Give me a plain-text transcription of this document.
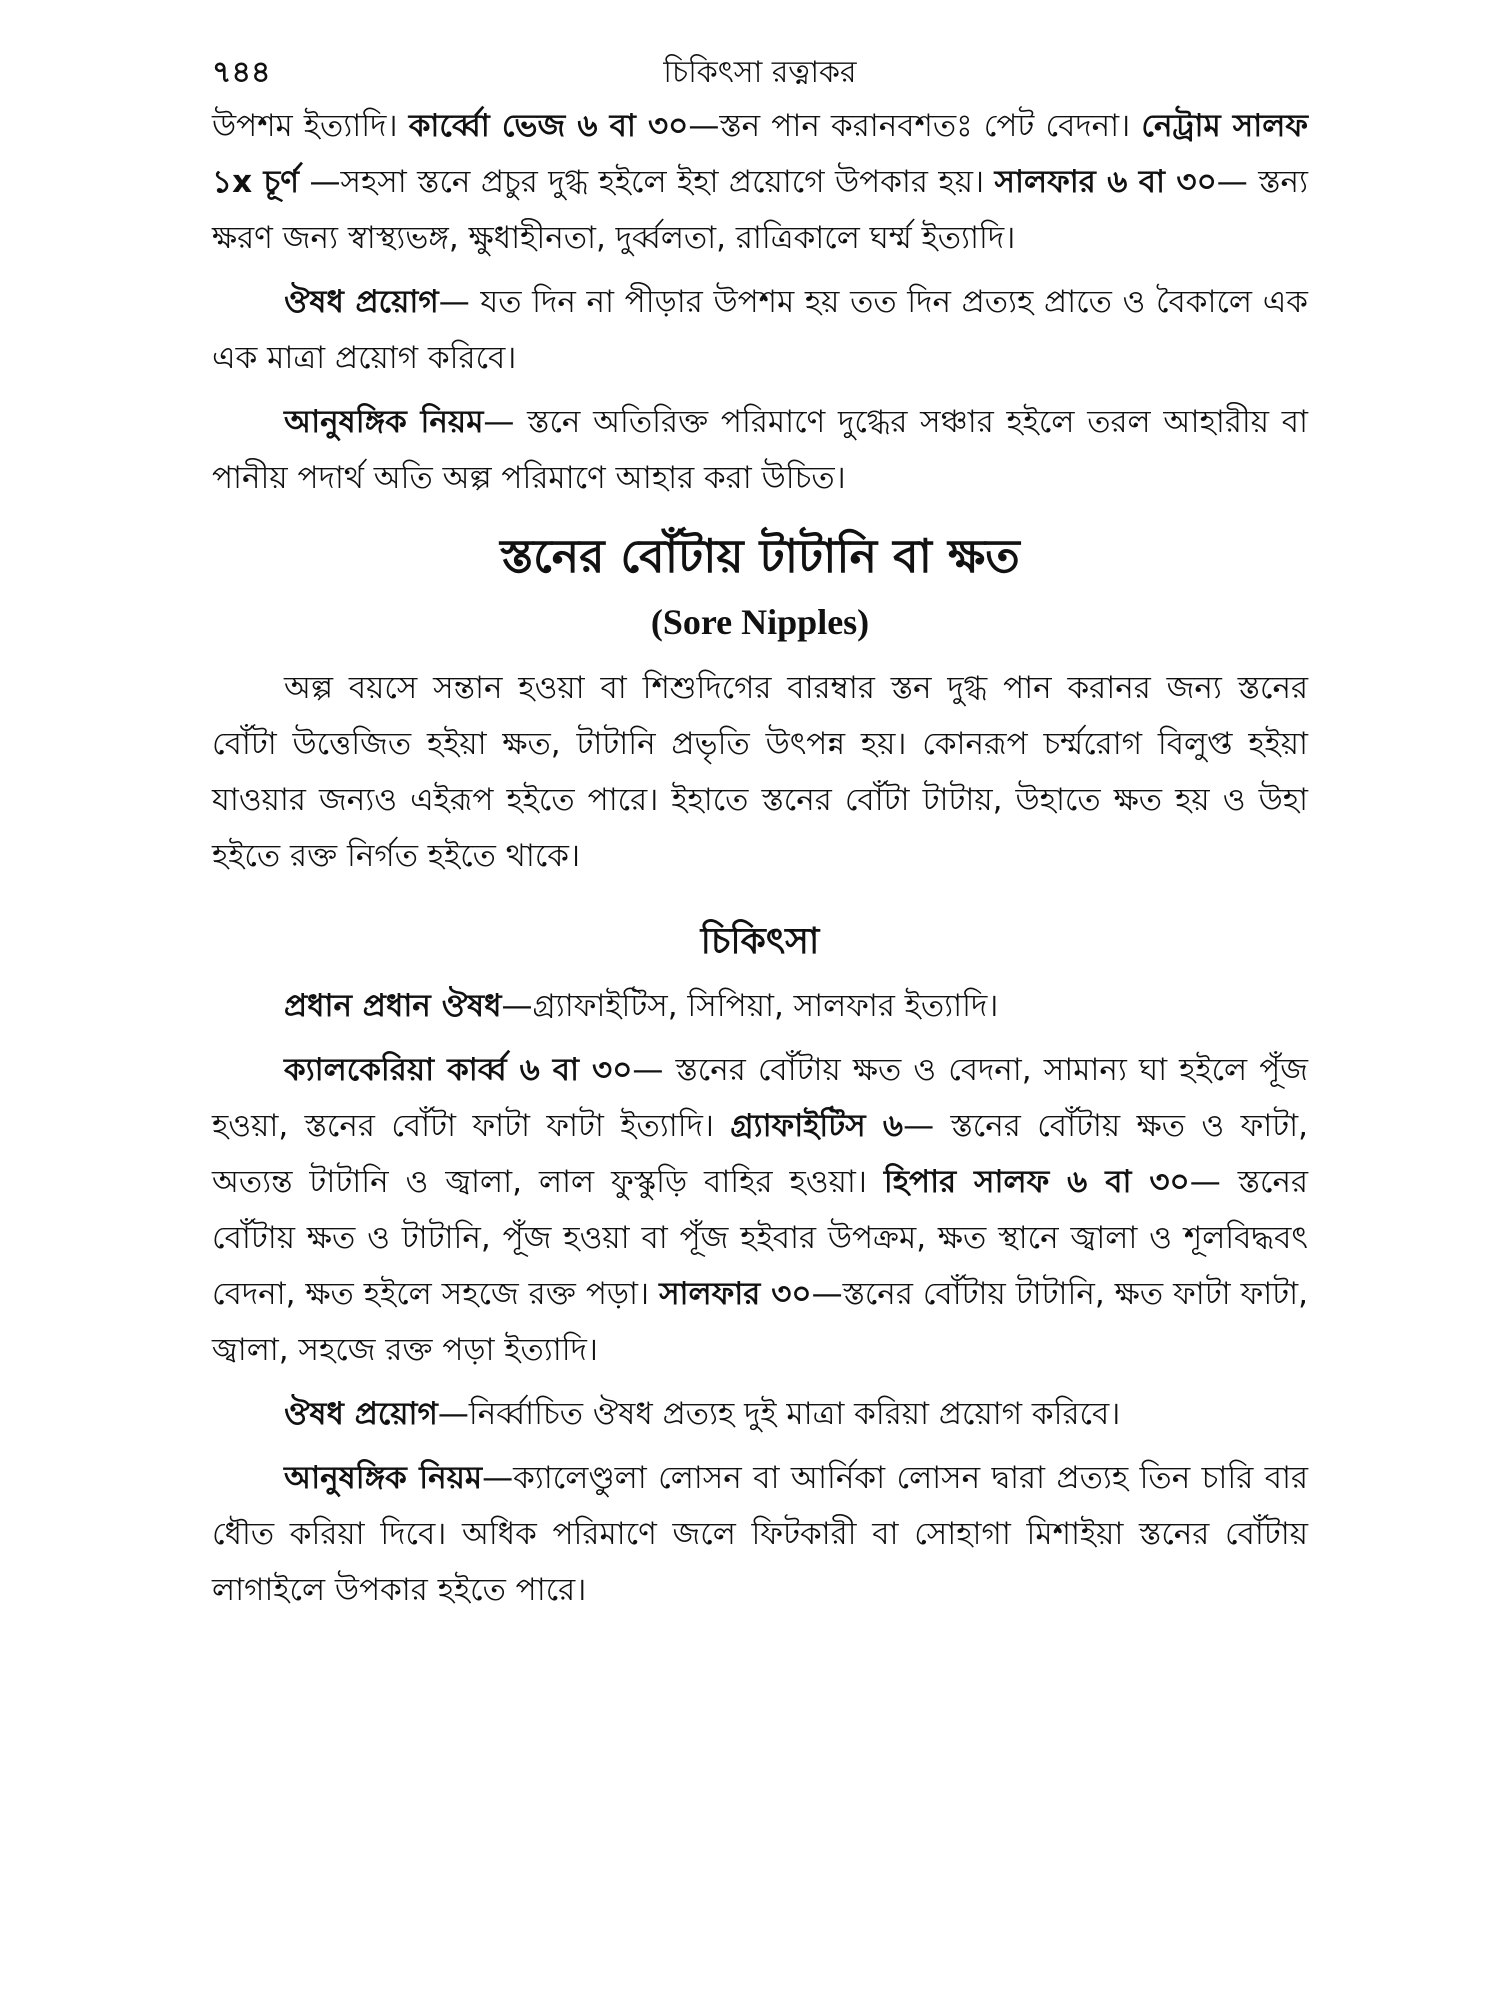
৭৪৪	চিকিৎসা রত্নাকর

উপশম ইত্যাদি। কার্ব্বো ভেজ ৬ বা ৩০—স্তন পান করানবশতঃ পেট বেদনা। নেট্রাম সালফ ১x চূর্ণ —সহসা স্তনে প্রচুর দুগ্ধ হইলে ইহা প্রয়োগে উপকার হয়। সালফার ৬ বা ৩০— স্তন্য ক্ষরণ জন্য স্বাস্থ্যভঙ্গ, ক্ষুধাহীনতা, দুর্ব্বলতা, রাত্রিকালে ঘর্ম্ম ইত্যাদি।

ঔষধ প্রয়োগ— যত দিন না পীড়ার উপশম হয় তত দিন প্রত্যহ প্রাতে ও বৈকালে এক এক মাত্রা প্রয়োগ করিবে।

আনুষঙ্গিক নিয়ম— স্তনে অতিরিক্ত পরিমাণে দুগ্ধের সঞ্চার হইলে তরল আহারীয় বা পানীয় পদার্থ অতি অল্প পরিমাণে আহার করা উচিত।

স্তনের বোঁটায় টাটানি বা ক্ষত
(Sore Nipples)

অল্প বয়সে সন্তান হওয়া বা শিশুদিগের বারম্বার স্তন দুগ্ধ পান করানর জন্য স্তনের বোঁটা উত্তেজিত হইয়া ক্ষত, টাটানি প্রভৃতি উৎপন্ন হয়। কোনরূপ চর্ম্মরোগ বিলুপ্ত হইয়া যাওয়ার জন্যও এইরূপ হইতে পারে। ইহাতে স্তনের বোঁটা টাটায়, উহাতে ক্ষত হয় ও উহা হইতে রক্ত নির্গত হইতে থাকে।

চিকিৎসা

প্রধান প্রধান ঔষধ—গ্র্যাফাইটিস, সিপিয়া, সালফার ইত্যাদি।

ক্যালকেরিয়া কার্ব্ব ৬ বা ৩০— স্তনের বোঁটায় ক্ষত ও বেদনা, সামান্য ঘা হইলে পূঁজ হওয়া, স্তনের বোঁটা ফাটা ফাটা ইত্যাদি। গ্র্যাফাইটিস ৬— স্তনের বোঁটায় ক্ষত ও ফাটা, অত্যন্ত টাটানি ও জ্বালা, লাল ফুস্কুড়ি বাহির হওয়া। হিপার সালফ ৬ বা ৩০— স্তনের বোঁটায় ক্ষত ও টাটানি, পূঁজ হওয়া বা পূঁজ হইবার উপক্রম, ক্ষত স্থানে জ্বালা ও শূলবিদ্ধবৎ বেদনা, ক্ষত হইলে সহজে রক্ত পড়া। সালফার ৩০—স্তনের বোঁটায় টাটানি, ক্ষত ফাটা ফাটা, জ্বালা, সহজে রক্ত পড়া ইত্যাদি।

ঔষধ প্রয়োগ—নির্ব্বাচিত ঔষধ প্রত্যহ দুই মাত্রা করিয়া প্রয়োগ করিবে।

আনুষঙ্গিক নিয়ম—ক্যালেণ্ডুলা লোসন বা আর্নিকা লোসন দ্বারা প্রত্যহ তিন চারি বার ধৌত করিয়া দিবে। অধিক পরিমাণে জলে ফিটকারী বা সোহাগা মিশাইয়া স্তনের বোঁটায় লাগাইলে উপকার হইতে পারে।
